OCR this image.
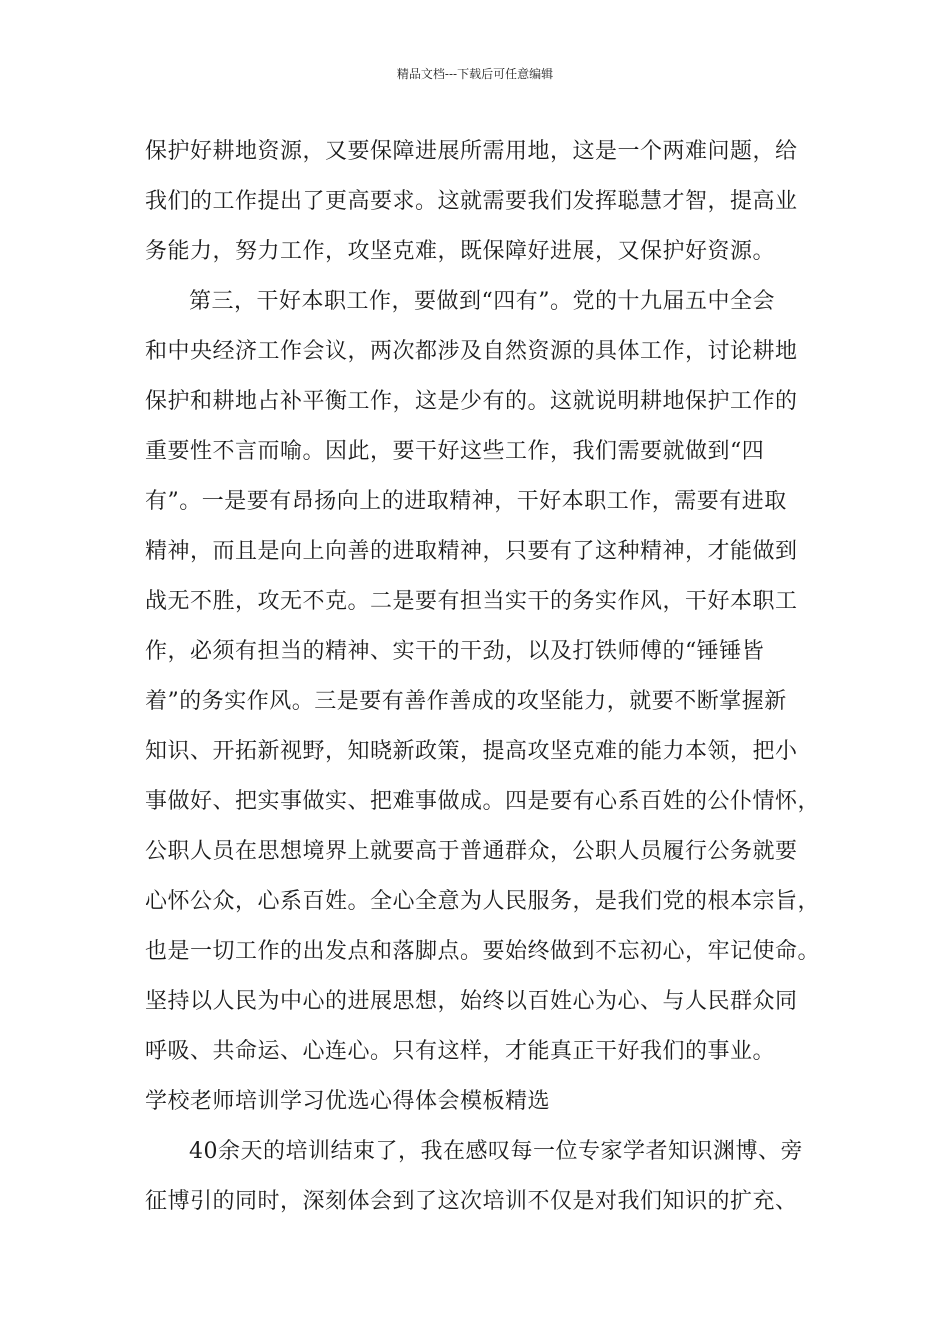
精品文档---下载后可任意编辑
保护好耕地资源，又要保障进展所需用地，这是一个两难问题，给
我们的工作提出了更高要求。这就需要我们发挥聪慧才智，提高业
务能力，努力工作，攻坚克难，既保障好进展，又保护好资源。
第三，干好本职工作，要做到“四有”。党的十九届五中全会
和中央经济工作会议，两次都涉及自然资源的具体工作，讨论耕地
保护和耕地占补平衡工作，这是少有的。这就说明耕地保护工作的
重要性不言而喻。因此，要干好这些工作，我们需要就做到“四
有”。一是要有昂扬向上的进取精神，干好本职工作，需要有进取
精神，而且是向上向善的进取精神，只要有了这种精神，才能做到
战无不胜，攻无不克。二是要有担当实干的务实作风，干好本职工
作，必须有担当的精神、实干的干劲，以及打铁师傅的“锤锤皆
着”的务实作风。三是要有善作善成的攻坚能力，就要不断掌握新
知识、开拓新视野，知晓新政策，提高攻坚克难的能力本领，把小
事做好、把实事做实、把难事做成。四是要有心系百姓的公仆情怀，
公职人员在思想境界上就要高于普通群众，公职人员履行公务就要
心怀公众，心系百姓。全心全意为人民服务，是我们党的根本宗旨，
也是一切工作的出发点和落脚点。要始终做到不忘初心，牢记使命。
坚持以人民为中心的进展思想，始终以百姓心为心、与人民群众同
呼吸、共命运、心连心。只有这样，才能真正干好我们的事业。
学校老师培训学习优选心得体会模板精选
40余天的培训结束了，我在感叹每一位专家学者知识渊博、旁
征博引的同时，深刻体会到了这次培训不仅是对我们知识的扩充、
